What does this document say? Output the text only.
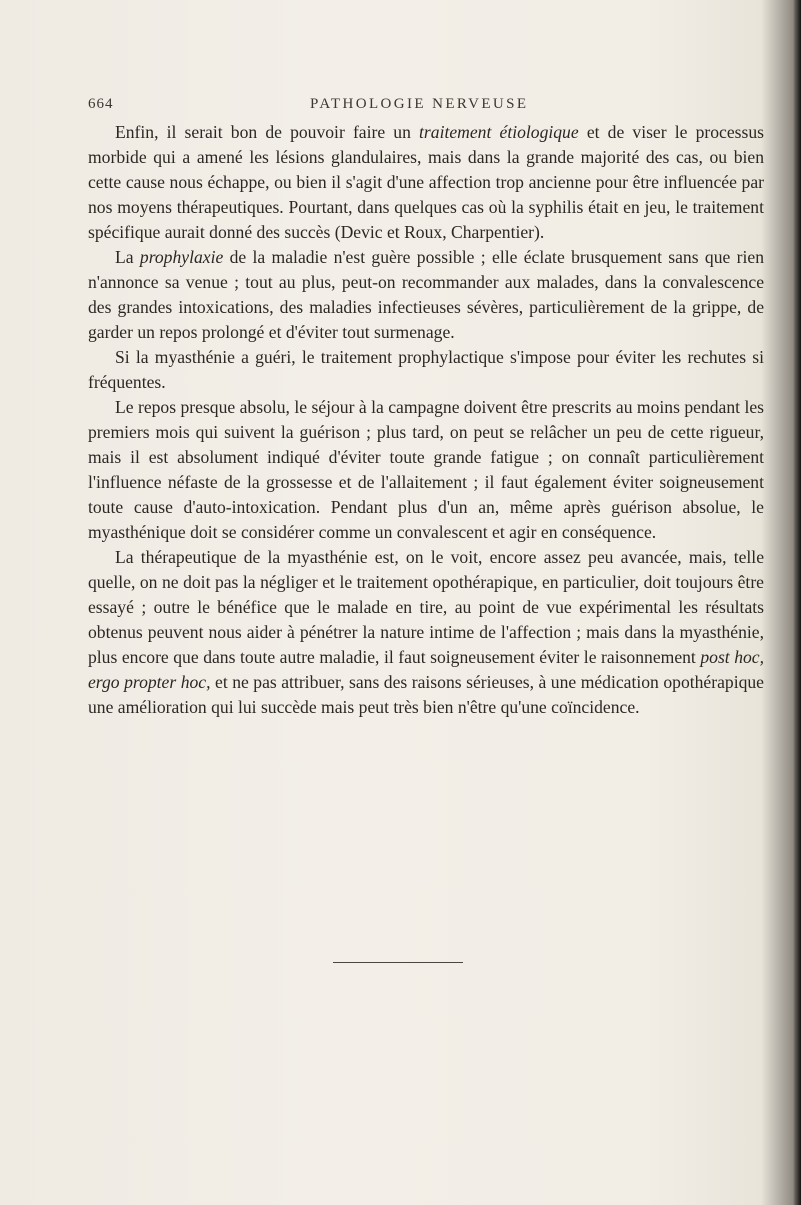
664	PATHOLOGIE NERVEUSE

Enfin, il serait bon de pouvoir faire un traitement étiologique et de viser le processus morbide qui a amené les lésions glandulaires, mais dans la grande majorité des cas, ou bien cette cause nous échappe, ou bien il s'agit d'une affection trop ancienne pour être influencée par nos moyens thérapeutiques. Pourtant, dans quelques cas où la syphilis était en jeu, le traitement spécifique aurait donné des succès (Devic et Roux, Charpentier).

La prophylaxie de la maladie n'est guère possible ; elle éclate brusquement sans que rien n'annonce sa venue ; tout au plus, peut-on recommander aux malades, dans la convalescence des grandes intoxications, des maladies infectieuses sévères, particulièrement de la grippe, de garder un repos prolongé et d'éviter tout surmenage.

Si la myasthénie a guéri, le traitement prophylactique s'impose pour éviter les rechutes si fréquentes.

Le repos presque absolu, le séjour à la campagne doivent être prescrits au moins pendant les premiers mois qui suivent la guérison ; plus tard, on peut se relâcher un peu de cette rigueur, mais il est absolument indiqué d'éviter toute grande fatigue ; on connaît particulièrement l'influence néfaste de la grossesse et de l'allaitement ; il faut également éviter soigneusement toute cause d'auto-intoxication. Pendant plus d'un an, même après guérison absolue, le myasthénique doit se considérer comme un convalescent et agir en conséquence.

La thérapeutique de la myasthénie est, on le voit, encore assez peu avancée, mais, telle quelle, on ne doit pas la négliger et le traitement opothérapique, en particulier, doit toujours être essayé ; outre le bénéfice que le malade en tire, au point de vue expérimental les résultats obtenus peuvent nous aider à pénétrer la nature intime de l'affection ; mais dans la myasthénie, plus encore que dans toute autre maladie, il faut soigneusement éviter le raisonnement post hoc, ergo propter hoc, et ne pas attribuer, sans des raisons sérieuses, à une médication opothérapique une amélioration qui lui succède mais peut très bien n'être qu'une coïncidence.
